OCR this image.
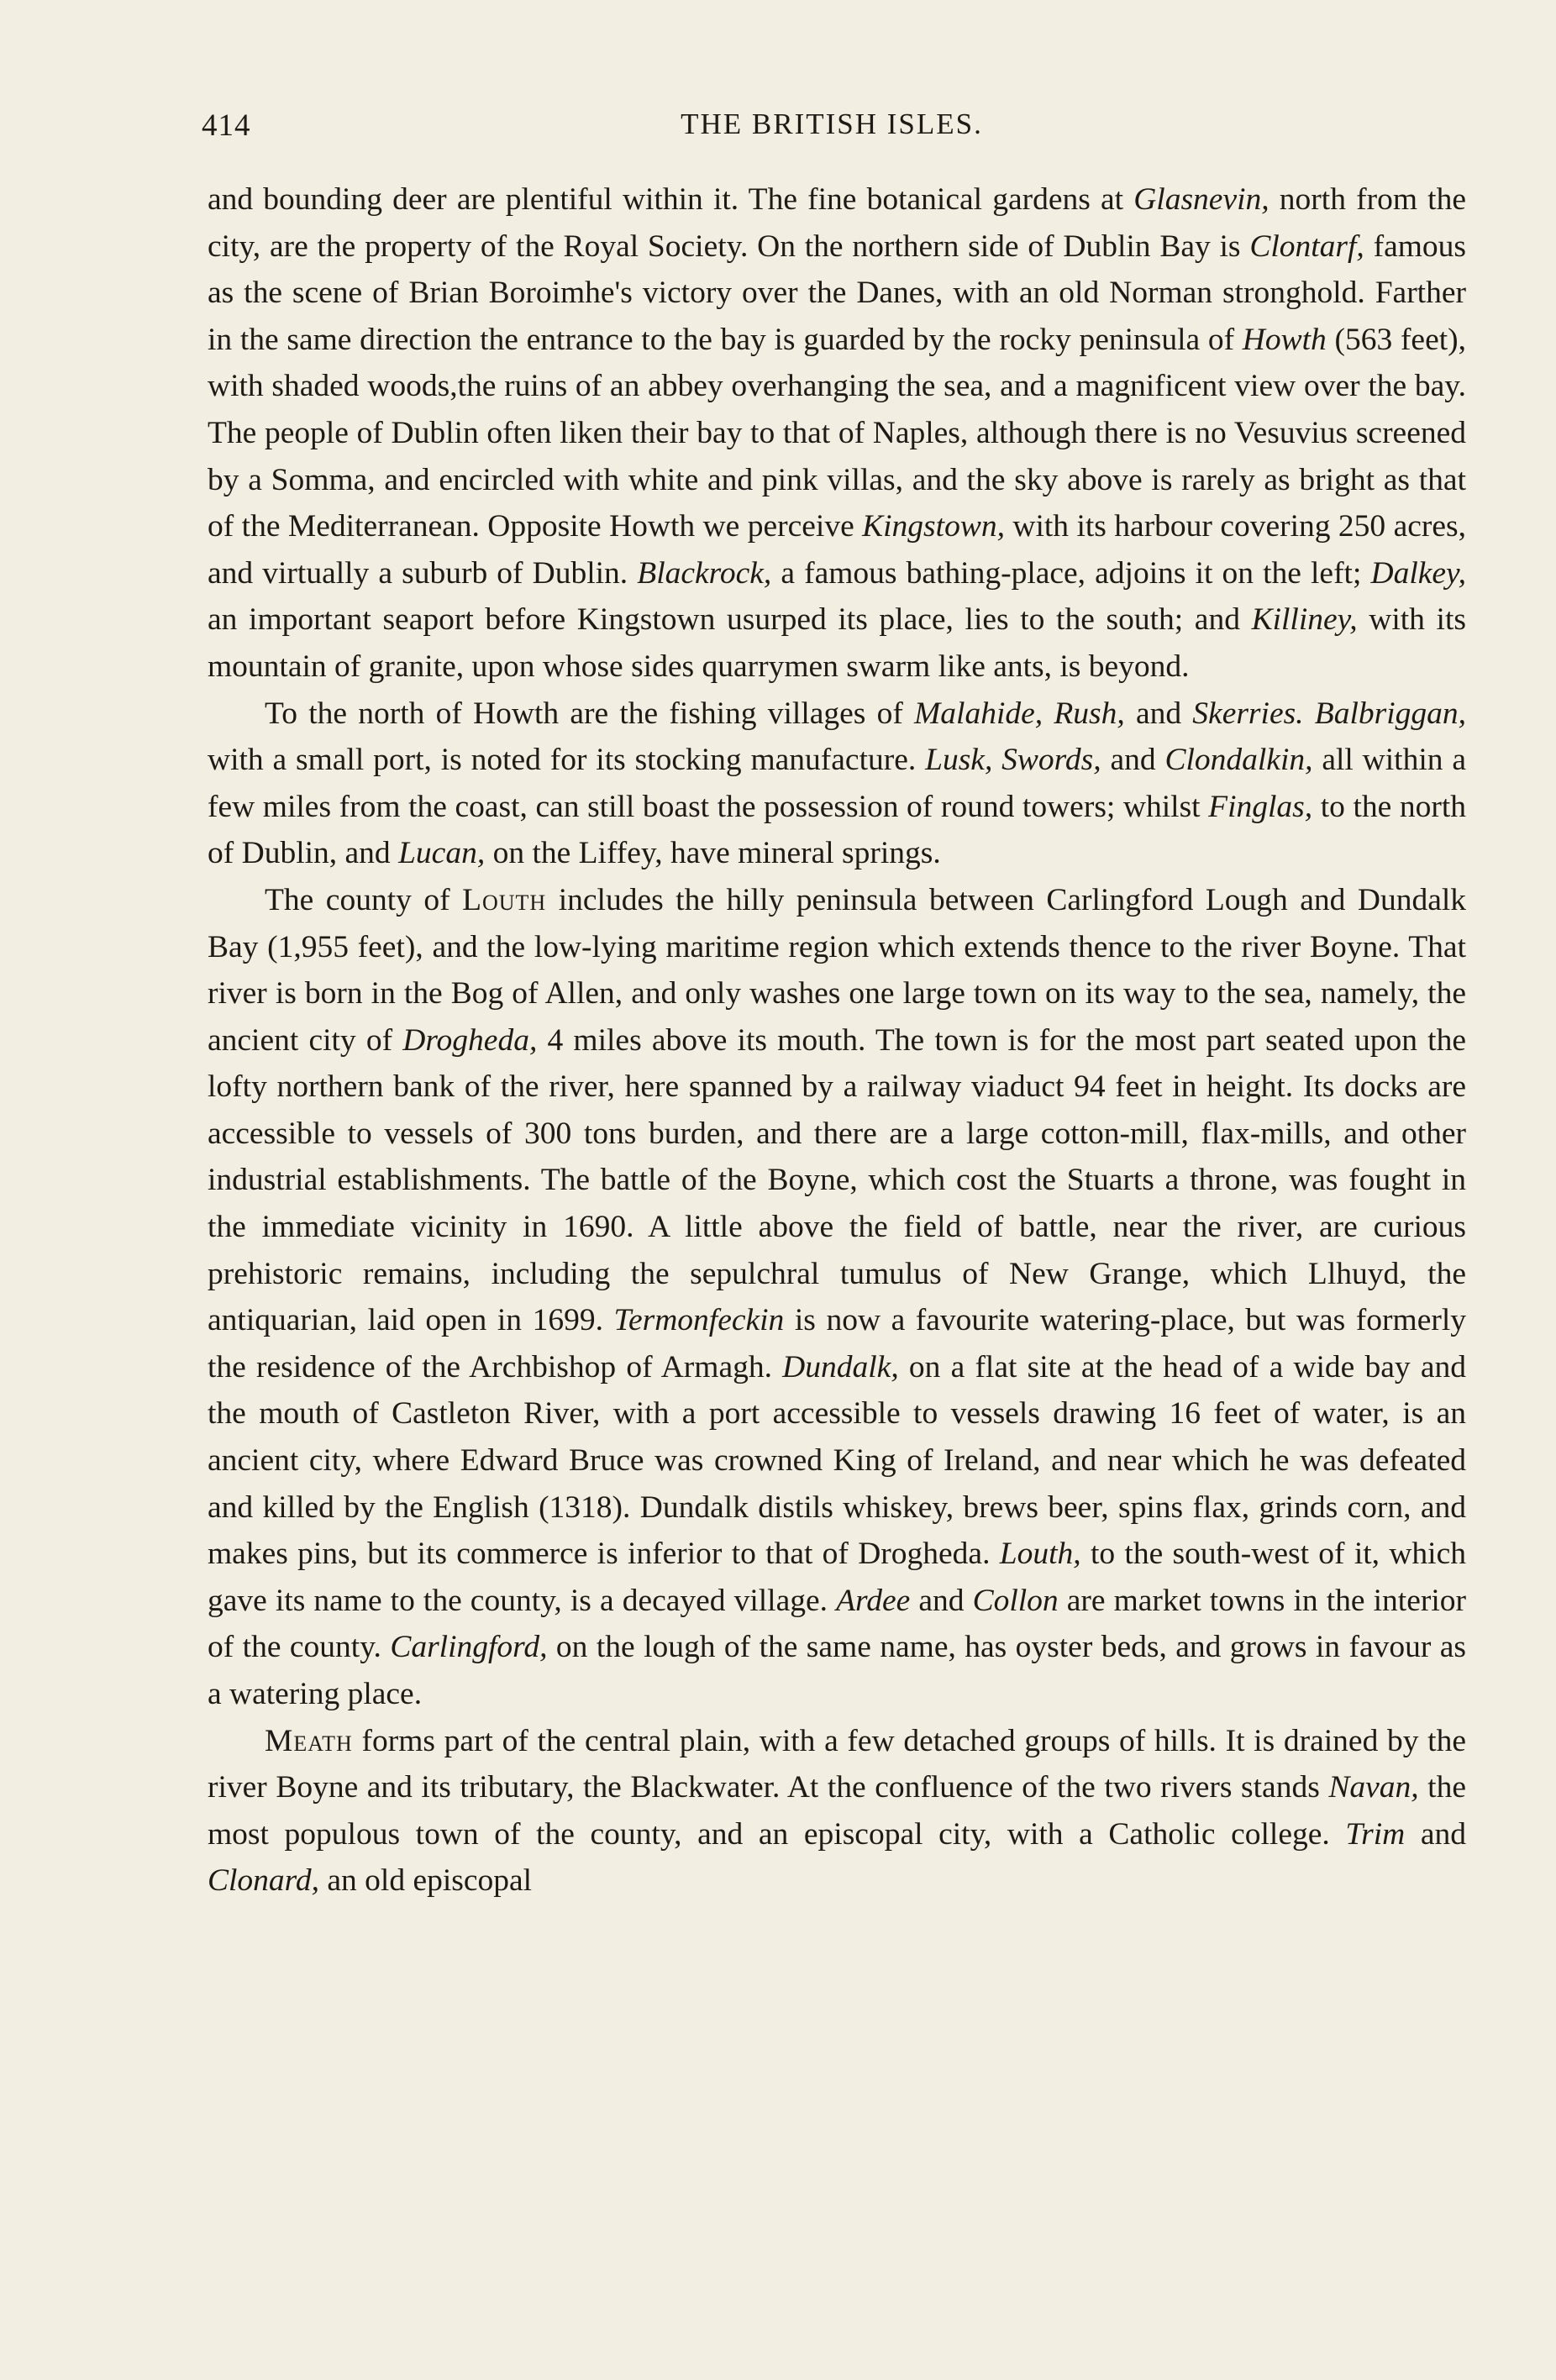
414	THE BRITISH ISLES.

and bounding deer are plentiful within it. The fine botanical gardens at Glasnevin, north from the city, are the property of the Royal Society. On the northern side of Dublin Bay is Clontarf, famous as the scene of Brian Boroimhe's victory over the Danes, with an old Norman stronghold. Farther in the same direction the entrance to the bay is guarded by the rocky peninsula of Howth (563 feet), with shaded woods,the ruins of an abbey overhanging the sea, and a magnificent view over the bay. The people of Dublin often liken their bay to that of Naples, although there is no Vesuvius screened by a Somma, and encircled with white and pink villas, and the sky above is rarely as bright as that of the Mediterranean. Opposite Howth we perceive Kingstown, with its harbour covering 250 acres, and virtually a suburb of Dublin. Blackrock, a famous bathing-place, adjoins it on the left; Dalkey, an important seaport before Kingstown usurped its place, lies to the south; and Killiney, with its mountain of granite, upon whose sides quarrymen swarm like ants, is beyond.

To the north of Howth are the fishing villages of Malahide, Rush, and Skerries. Balbriggan, with a small port, is noted for its stocking manufacture. Lusk, Swords, and Clondalkin, all within a few miles from the coast, can still boast the possession of round towers; whilst Finglas, to the north of Dublin, and Lucan, on the Liffey, have mineral springs.

The county of Louth includes the hilly peninsula between Carlingford Lough and Dundalk Bay (1,955 feet), and the low-lying maritime region which extends thence to the river Boyne. That river is born in the Bog of Allen, and only washes one large town on its way to the sea, namely, the ancient city of Drogheda, 4 miles above its mouth. The town is for the most part seated upon the lofty northern bank of the river, here spanned by a railway viaduct 94 feet in height. Its docks are accessible to vessels of 300 tons burden, and there are a large cotton-mill, flax-mills, and other industrial establishments. The battle of the Boyne, which cost the Stuarts a throne, was fought in the immediate vicinity in 1690. A little above the field of battle, near the river, are curious prehistoric remains, including the sepulchral tumulus of New Grange, which Llhuyd, the antiquarian, laid open in 1699. Termonfeckin is now a favourite watering-place, but was formerly the residence of the Archbishop of Armagh. Dundalk, on a flat site at the head of a wide bay and the mouth of Castleton River, with a port accessible to vessels drawing 16 feet of water, is an ancient city, where Edward Bruce was crowned King of Ireland, and near which he was defeated and killed by the English (1318). Dundalk distils whiskey, brews beer, spins flax, grinds corn, and makes pins, but its commerce is inferior to that of Drogheda. Louth, to the south-west of it, which gave its name to the county, is a decayed village. Ardee and Collon are market towns in the interior of the county. Carlingford, on the lough of the same name, has oyster beds, and grows in favour as a watering place.

Meath forms part of the central plain, with a few detached groups of hills. It is drained by the river Boyne and its tributary, the Blackwater. At the confluence of the two rivers stands Navan, the most populous town of the county, and an episcopal city, with a Catholic college. Trim and Clonard, an old episcopal
